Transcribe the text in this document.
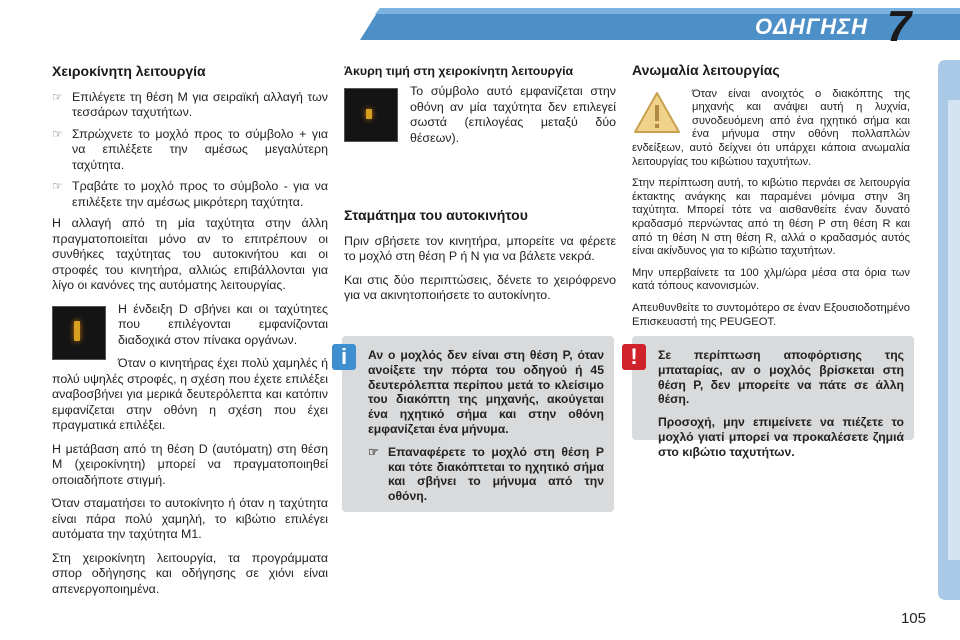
ΟΔΗΓΗΣΗ 7
Χειροκίνητη λειτουργία
☞ Επιλέγετε τη θέση M για σειραϊκή αλλαγή των τεσσάρων ταχυτήτων.
☞ Σπρώχνετε το μοχλό προς το σύμβολο + για να επιλέξετε την αμέσως μεγαλύτερη ταχύτητα.
☞ Τραβάτε το μοχλό προς το σύμβολο - για να επιλέξετε την αμέσως μικρότερη ταχύτητα.

Η αλλαγή από τη μία ταχύτητα στην άλλη πραγματοποιείται μόνο αν το επιτρέπουν οι συνθήκες ταχύτητας του αυτοκινήτου και οι στροφές του κινητήρα, αλλιώς επιβάλλονται για λίγο οι κανόνες της αυτόματης λειτουργίας.

Η ένδειξη D σβήνει και οι ταχύτητες που επιλέγονται εμφανίζονται διαδοχικά στον πίνακα οργάνων.

Όταν ο κινητήρας έχει πολύ χαμηλές ή πολύ υψηλές στροφές, η σχέση που έχετε επιλέξει αναβοσβήνει για μερικά δευτερόλεπτα και κατόπιν εμφανίζεται στην οθόνη η σχέση που έχει πραγματικά επιλέξει.

Η μετάβαση από τη θέση D (αυτόματη) στη θέση M (χειροκίνητη) μπορεί να πραγματοποιηθεί οποιαδήποτε στιγμή.

Όταν σταματήσει το αυτοκίνητο ή όταν η ταχύτητα είναι πάρα πολύ χαμηλή, το κιβώτιο επιλέγει αυτόματα την ταχύτητα M1.

Στη χειροκίνητη λειτουργία, τα προγράμματα σπορ οδήγησης και οδήγησης σε χιόνι είναι απενεργοποιημένα.

Άκυρη τιμή στη χειροκίνητη λειτουργία

Το σύμβολο αυτό εμφανίζεται στην οθόνη αν μία ταχύτητα δεν επιλεγεί σωστά (επιλογέας μεταξύ δύο θέσεων).

Σταμάτημα του αυτοκινήτου

Πριν σβήσετε τον κινητήρα, μπορείτε να φέρετε το μοχλό στη θέση P ή N για να βάλετε νεκρά.

Και στις δύο περιπτώσεις, δένετε το χειρόφρενο για να ακινητοποιήσετε το αυτοκίνητο.

i	Αν ο μοχλός δεν είναι στη θέση P, όταν ανοίξετε την πόρτα του οδηγού ή 45 δευτερόλεπτα περίπου μετά το κλείσιμο του διακόπτη της μηχανής, ακούγεται ένα ηχητικό σήμα και στην οθόνη εμφανίζεται ένα μήνυμα.

☞ Επαναφέρετε το μοχλό στη θέση P και τότε διακόπτεται το ηχητικό σήμα και σβήνει το μήνυμα από την οθόνη.
Ανωμαλία λειτουργίας

Όταν είναι ανοιχτός ο διακόπτης της μηχανής και ανάψει αυτή η λυχνία, συνοδευόμενη από ένα ηχητικό σήμα και ένα μήνυμα στην οθόνη πολλαπλών ενδείξεων, αυτό δείχνει ότι υπάρχει κάποια ανωμαλία λειτουργίας του κιβώτιου ταχυτήτων.

Στην περίπτωση αυτή, το κιβώτιο περνάει σε λειτουργία έκτακτης ανάγκης και παραμένει μόνιμα στην 3η ταχύτητα. Μπορεί τότε να αισθανθείτε έναν δυνατό κραδασμό περνώντας από τη θέση P στη θέση R και από τη θέση N στη θέση R, αλλά ο κραδασμός αυτός είναι ακίνδυνος για το κιβώτιο ταχυτήτων.

Μην υπερβαίνετε τα 100 χλμ/ώρα μέσα στα όρια των κατά τόπους κανονισμών.

Απευθυνθείτε το συντομότερο σε έναν Εξουσιοδοτημένο Επισκευαστή της PEUGEOT.

!	Σε περίπτωση αποφόρτισης της μπαταρίας, αν ο μοχλός βρίσκεται στη θέση P, δεν μπορείτε να πάτε σε άλλη θέση.

Προσοχή, μην επιμείνετε να πιέζετε το μοχλό γιατί μπορεί να προκαλέσετε ζημιά στο κιβώτιο ταχυτήτων.

105
